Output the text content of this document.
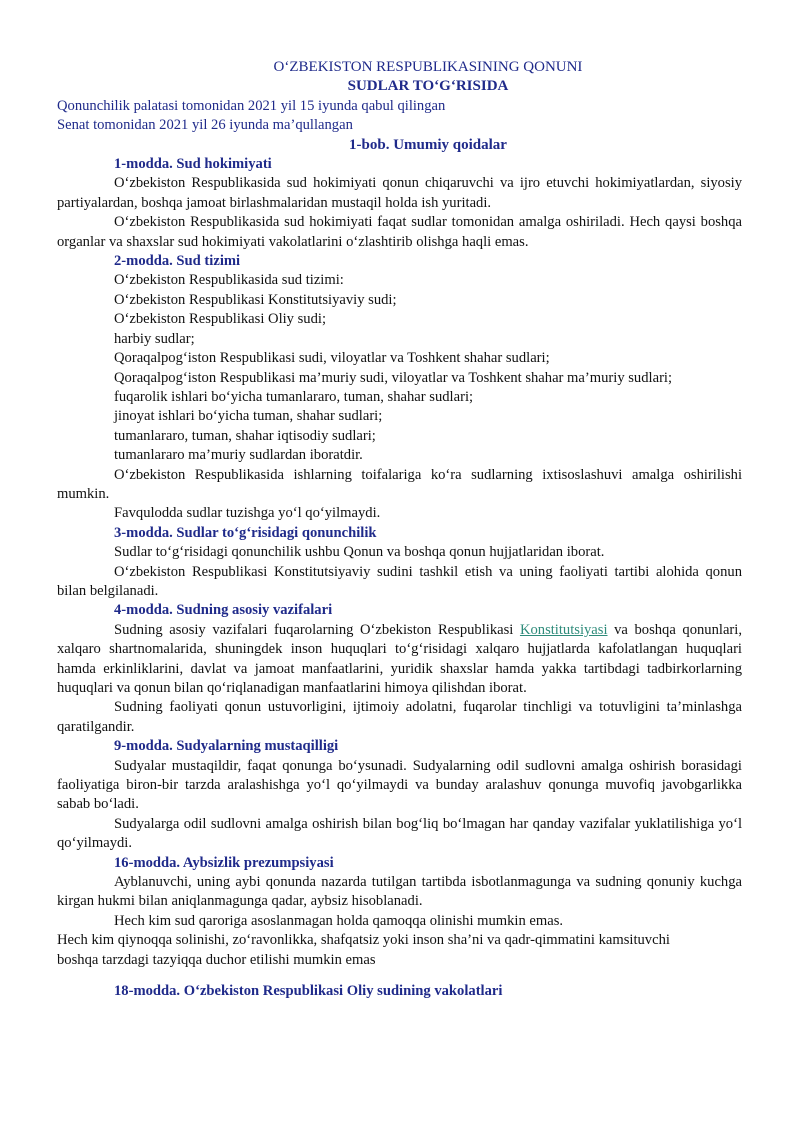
O‘ZBEKISTON RESPUBLIKASINING QONUNI
SUDLAR TO‘G‘RISIDA
Qonunchilik palatasi tomonidan 2021 yil 15 iyunda qabul qilingan
Senat tomonidan 2021 yil 26 iyunda ma’qullangan
1-bob. Umumiy qoidalar
1-modda. Sud hokimiyati
O‘zbekiston Respublikasida sud hokimiyati qonun chiqaruvchi va ijro etuvchi hokimiyatlardan, siyosiy partiyalardan, boshqa jamoat birlashmalaridan mustaqil holda ish yuritadi.
O‘zbekiston Respublikasida sud hokimiyati faqat sudlar tomonidan amalga oshiriladi. Hech qaysi boshqa organlar va shaxslar sud hokimiyati vakolatlarini o‘zlashtirib olishga haqli emas.
2-modda. Sud tizimi
O‘zbekiston Respublikasida sud tizimi:
O‘zbekiston Respublikasi Konstitutsiyaviy sudi;
O‘zbekiston Respublikasi Oliy sudi;
harbiy sudlar;
Qoraqalpog‘iston Respublikasi sudi, viloyatlar va Toshkent shahar sudlari;
Qoraqalpog‘iston Respublikasi ma’muriy sudi, viloyatlar va Toshkent shahar ma’muriy sudlari;
fuqarolik ishlari bo‘yicha tumanlararo, tuman, shahar sudlari;
jinoyat ishlari bo‘yicha tuman, shahar sudlari;
tumanlararo, tuman, shahar iqtisodiy sudlari;
tumanlararo ma’muriy sudlardan iboratdir.
O‘zbekiston Respublikasida ishlarning toifalariga ko‘ra sudlarning ixtisoslashuvi amalga oshirilishi mumkin.
Favqulodda sudlar tuzishga yo‘l qo‘yilmaydi.
3-modda. Sudlar to‘g‘risidagi qonunchilik
Sudlar to‘g‘risidagi qonunchilik ushbu Qonun va boshqa qonun hujjatlaridan iborat.
O‘zbekiston Respublikasi Konstitutsiyaviy sudini tashkil etish va uning faoliyati tartibi alohida qonun bilan belgilanadi.
4-modda. Sudning asosiy vazifalari
Sudning asosiy vazifalari fuqarolarning O‘zbekiston Respublikasi Konstitutsiyasi va boshqa qonunlari, xalqaro shartnomalarida, shuningdek inson huquqlari to‘g‘risidagi xalqaro hujjatlarda kafolatlangan huquqlari hamda erkinliklarini, davlat va jamoat manfaatlarini, yuridik shaxslar hamda yakka tartibdagi tadbirkorlarning huquqlari va qonun bilan qo‘riqlanadigan manfaatlarini himoya qilishdan iborat.
Sudning faoliyati qonun ustuvorligini, ijtimoiy adolatni, fuqarolar tinchligi va totuvligini ta’minlashga qaratilgandir.
9-modda. Sudyalarning mustaqilligi
Sudyalar mustaqildir, faqat qonunga bo‘ysunadi. Sudyalarning odil sudlovni amalga oshirish borasidagi faoliyatiga biron-bir tarzda aralashishga yo‘l qo‘yilmaydi va bunday aralashuv qonunga muvofiq javobgarlikka sabab bo‘ladi.
Sudyalarga odil sudlovni amalga oshirish bilan bog‘liq bo‘lmagan har qanday vazifalar yuklatilishiga yo‘l qo‘yilmaydi.
16-modda. Aybsizlik prezumpsiyasi
Ayblanuvchi, uning aybi qonunda nazarda tutilgan tartibda isbotlanmagunga va sudning qonuniy kuchga kirgan hukmi bilan aniqlanmagunga qadar, aybsiz hisoblanadi.
Hech kim sud qaroriga asoslanmagan holda qamoqqa olinishi mumkin emas.
Hech kim qiynoqqa solinishi, zo‘ravonlikka, shafqatsiz yoki inson sha’ni va qadr-qimmatini kamsituvchi boshqa tarzdagi tazyiqqa duchor etilishi mumkin emas
18-modda. O‘zbekiston Respublikasi Oliy sudining vakolatlari
